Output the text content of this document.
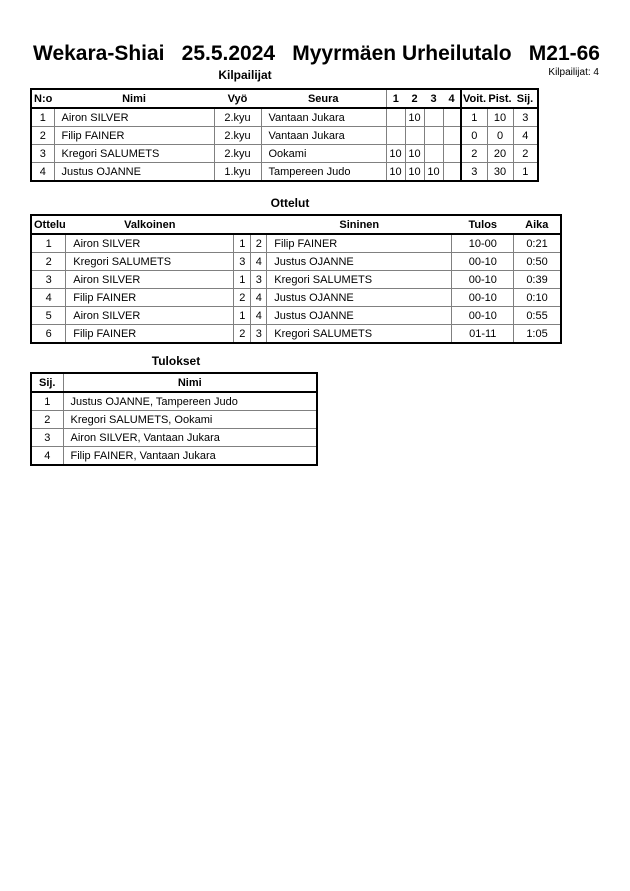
Wekara-Shiai 25.5.2024 Myyrmäen Urheilutalo M21-66
Kilpailijat	Kilpailijat: 4
N:o	Nimi	Vyö	Seura	1	2	3	4	Voit.	Pist.	Sij.
1	Airon SILVER	2.kyu	Vantaan Jukara		10			1	10	3
2	Filip FAINER	2.kyu	Vantaan Jukara					0	0	4
3	Kregori SALUMETS	2.kyu	Ookami	10	10			2	20	2
4	Justus OJANNE	1.kyu	Tampereen Judo	10	10	10		3	30	1
Ottelut
Ottelu	Valkoinen			Sininen	Tulos	Aika
1	Airon SILVER	1	2	Filip FAINER	10-00	0:21
2	Kregori SALUMETS	3	4	Justus OJANNE	00-10	0:50
3	Airon SILVER	1	3	Kregori SALUMETS	00-10	0:39
4	Filip FAINER	2	4	Justus OJANNE	00-10	0:10
5	Airon SILVER	1	4	Justus OJANNE	00-10	0:55
6	Filip FAINER	2	3	Kregori SALUMETS	01-11	1:05
Tulokset
Sij.	Nimi
1	Justus OJANNE, Tampereen Judo
2	Kregori SALUMETS, Ookami
3	Airon SILVER, Vantaan Jukara
4	Filip FAINER, Vantaan Jukara
